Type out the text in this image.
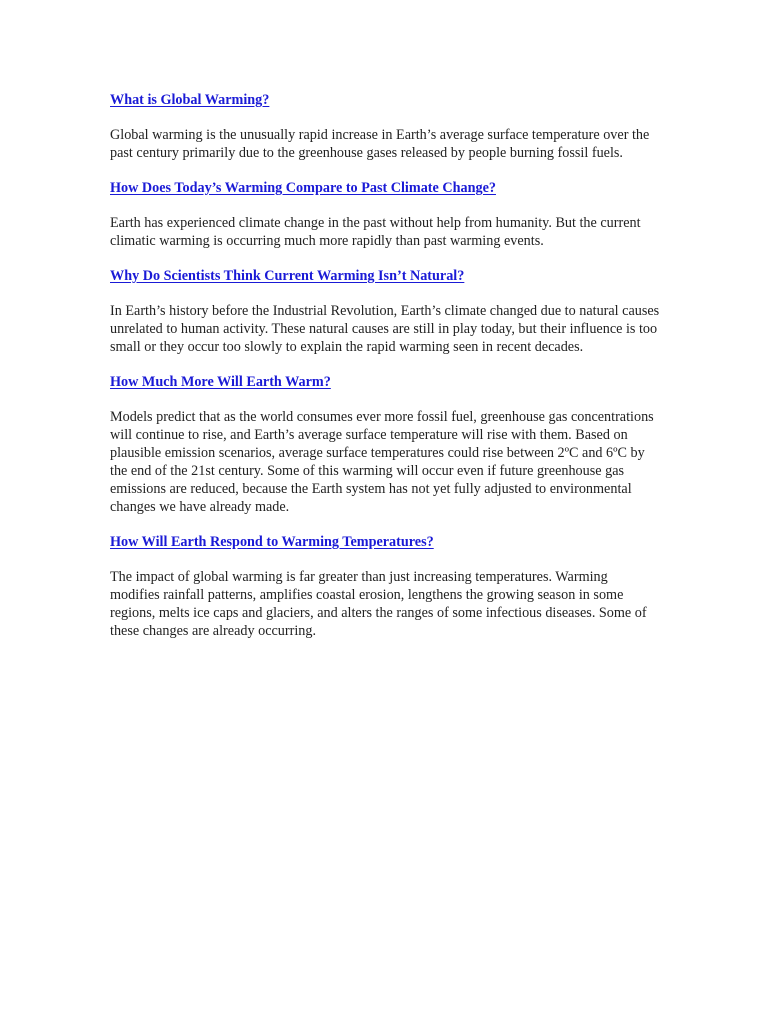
What is Global Warming?

Global warming is the unusually rapid increase in Earth’s average surface temperature over the past century primarily due to the greenhouse gases released by people burning fossil fuels.

How Does Today’s Warming Compare to Past Climate Change?

Earth has experienced climate change in the past without help from humanity. But the current climatic warming is occurring much more rapidly than past warming events.

Why Do Scientists Think Current Warming Isn’t Natural?

In Earth’s history before the Industrial Revolution, Earth’s climate changed due to natural causes unrelated to human activity. These natural causes are still in play today, but their influence is too small or they occur too slowly to explain the rapid warming seen in recent decades.

How Much More Will Earth Warm?

Models predict that as the world consumes ever more fossil fuel, greenhouse gas concentrations will continue to rise, and Earth’s average surface temperature will rise with them. Based on plausible emission scenarios, average surface temperatures could rise between 2ºC and 6ºC by the end of the 21st century. Some of this warming will occur even if future greenhouse gas emissions are reduced, because the Earth system has not yet fully adjusted to environmental changes we have already made.

How Will Earth Respond to Warming Temperatures?

The impact of global warming is far greater than just increasing temperatures. Warming modifies rainfall patterns, amplifies coastal erosion, lengthens the growing season in some regions, melts ice caps and glaciers, and alters the ranges of some infectious diseases. Some of these changes are already occurring.
